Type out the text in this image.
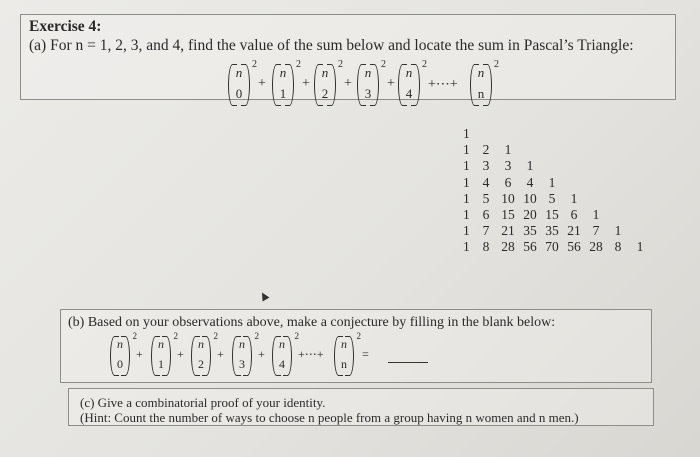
Exercise 4:
(a) For n = 1, 2, 3, and 4, find the value of the sum below and locate the sum in Pascal’s Triangle:
n
0
2
+
n
1
2
+
n
2
2
+
n
3
2
+
n
4
2
+⋯+
n
n
2
1
1 2 1
1 3 3 1
1 4 6 4 1
1 5 10 10 5 1
1 6 15 20 15 6 1
1 7 21 35 35 21 7 1
1 8 28 56 70 56 28 8 1
(b) Based on your observations above, make a conjecture by filling in the blank below:
n
0
2
+
n
1
2
+
n
2
2
+
n
3
2
+
n
4
2
+⋯+
n
n
2
=
(c) Give a combinatorial proof of your identity.
(Hint: Count the number of ways to choose n people from a group having n women and n men.)
